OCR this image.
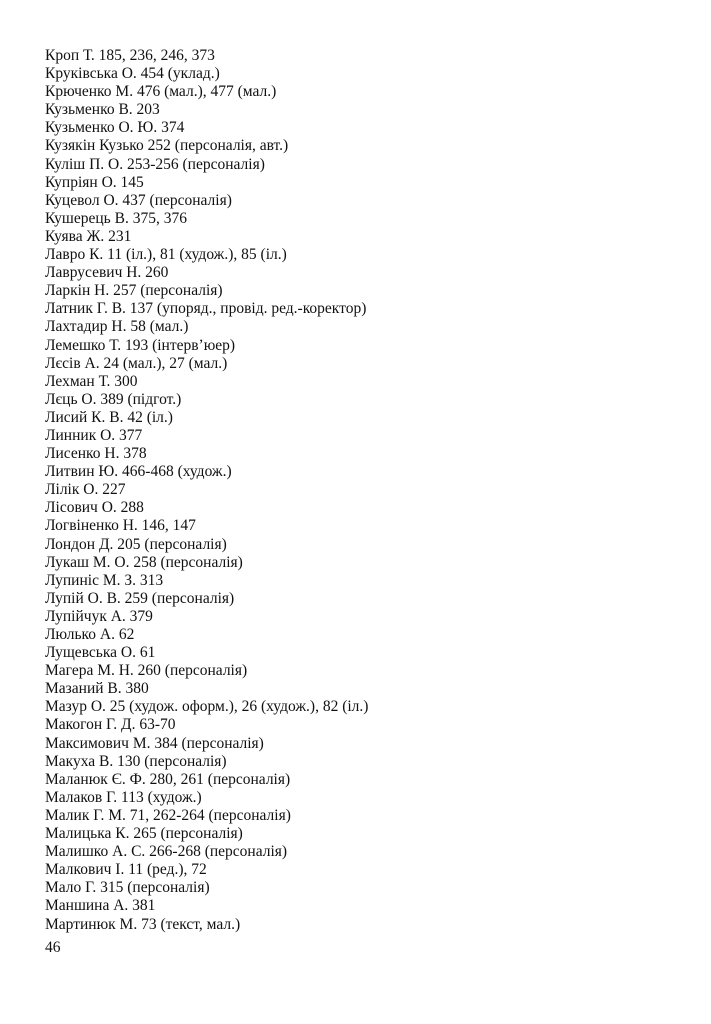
Кроп Т. 185, 236, 246, 373
Круківська О. 454 (уклад.)
Крюченко М. 476 (мал.), 477 (мал.)
Кузьменко В. 203
Кузьменко О. Ю. 374
Кузякін Кузько 252 (персоналія, авт.)
Куліш П. О. 253-256 (персоналія)
Купріян О. 145
Куцевол О. 437 (персоналія)
Кушерець В. 375, 376
Куява Ж. 231
Лавро К. 11 (іл.), 81 (худож.), 85 (іл.)
Лаврусевич Н. 260
Ларкін Н. 257 (персоналія)
Латник Г. В. 137 (упоряд., провід. ред.-коректор)
Лахтадир Н. 58 (мал.)
Лемешко Т. 193 (інтерв’юер)
Лєсів А. 24 (мал.), 27 (мал.)
Лехман Т. 300
Лєць О. 389 (підгот.)
Лисий К. В. 42 (іл.)
Линник О. 377
Лисенко Н. 378
Литвин Ю. 466-468 (худож.)
Лілік О. 227
Лісович О. 288
Логвіненко Н. 146, 147
Лондон Д. 205 (персоналія)
Лукаш М. О. 258 (персоналія)
Лупиніс М. З. 313
Лупій О. В. 259 (персоналія)
Лупійчук А. 379
Люлько А. 62
Лущевська О. 61
Магера М. Н. 260 (персоналія)
Мазаний В. 380
Мазур О. 25 (худож. оформ.), 26 (худож.), 82 (іл.)
Макогон Г. Д. 63-70
Максимович М. 384 (персоналія)
Макуха В. 130 (персоналія)
Маланюк Є. Ф. 280, 261 (персоналія)
Малаков Г. 113 (худож.)
Малик Г. М. 71, 262-264 (персоналія)
Малицька К. 265 (персоналія)
Малишко А. С. 266-268 (персоналія)
Малкович І. 11 (ред.), 72
Мало Г. 315 (персоналія)
Маншина А. 381
Мартинюк М. 73 (текст, мал.)
46
